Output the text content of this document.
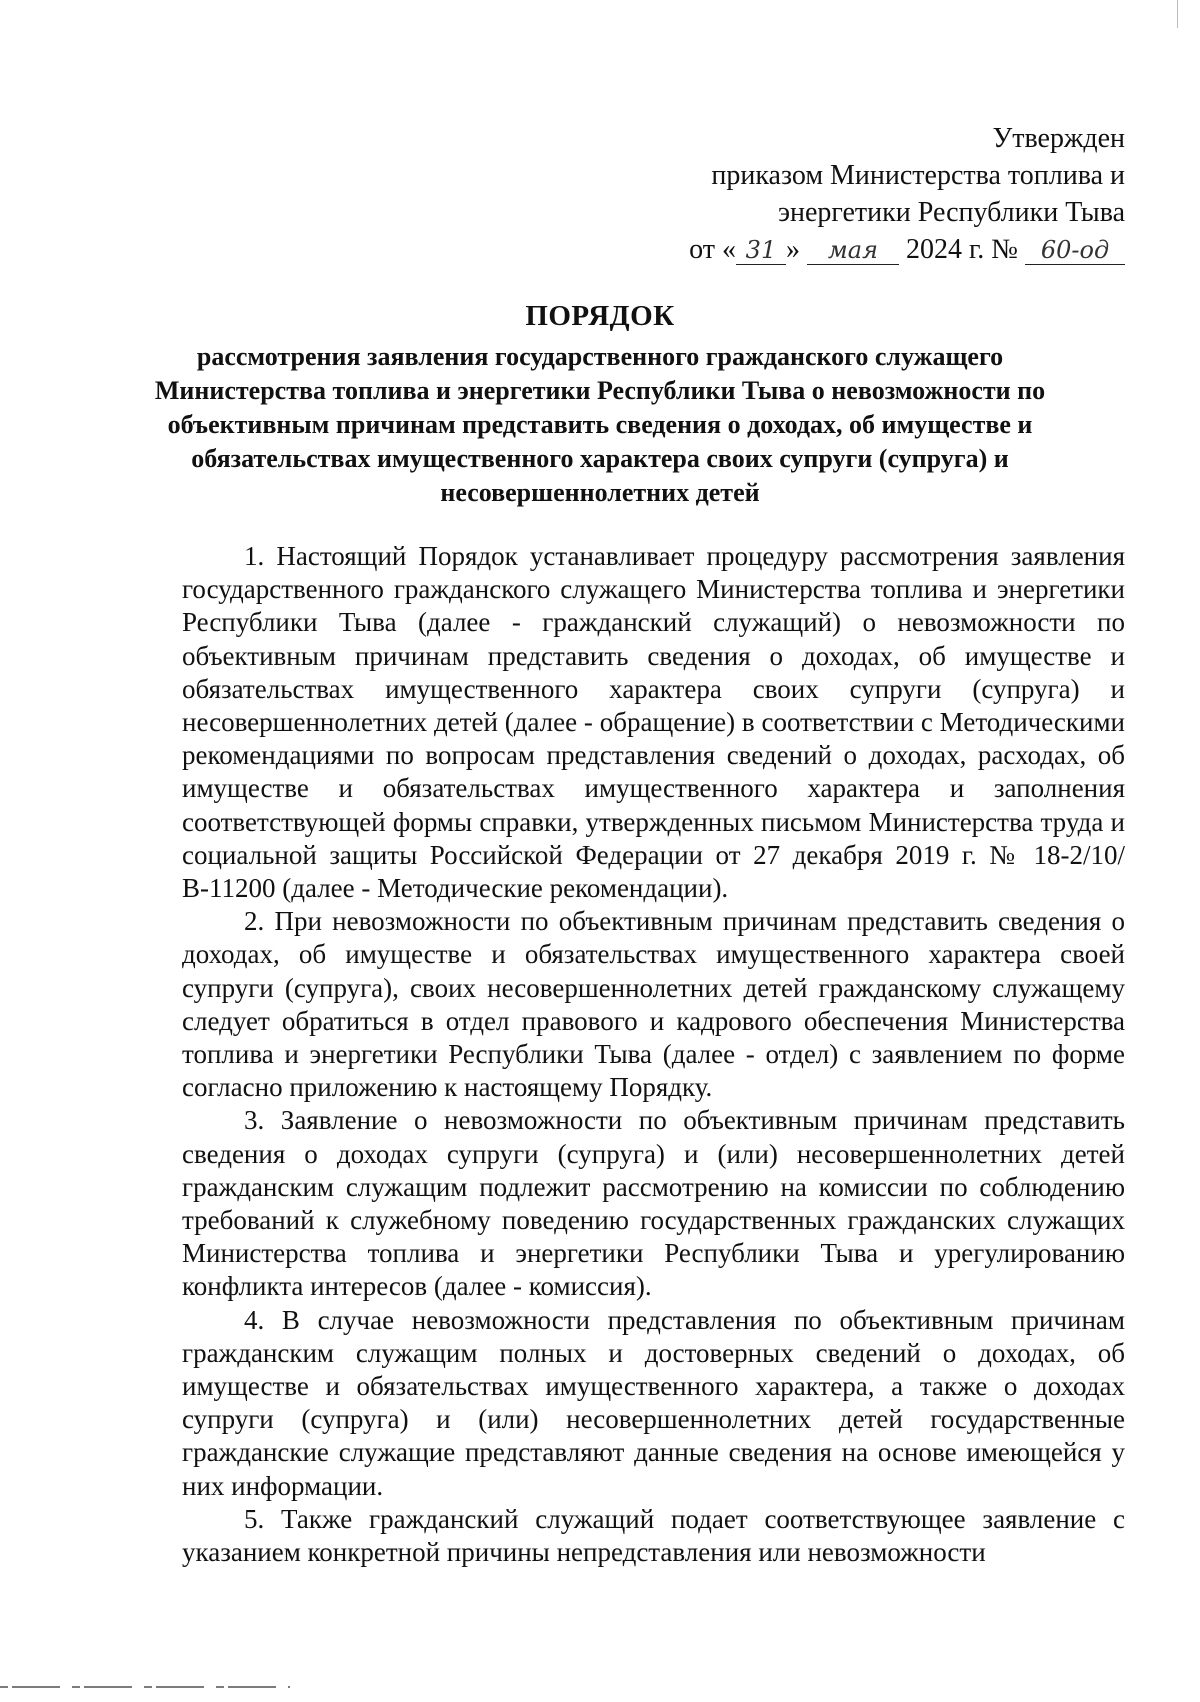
Утвержден
приказом Министерства топлива и
энергетики Республики Тыва
от « 31 » мая 2024 г. № 60-од
ПОРЯДОК
рассмотрения заявления государственного гражданского служащего Министерства топлива и энергетики Республики Тыва о невозможности по объективным причинам представить сведения о доходах, об имуществе и обязательствах имущественного характера своих супруги (супруга) и несовершеннолетних детей

1. Настоящий Порядок устанавливает процедуру рассмотрения заявления государственного гражданского служащего Министерства топлива и энергетики Республики Тыва (далее - гражданский служащий) о невозможности по объективным причинам представить сведения о доходах, об имуществе и обязательствах имущественного характера своих супруги (супруга) и несовершеннолетних детей (далее - обращение) в соответствии с Методическими рекомендациями по вопросам представления сведений о доходах, расходах, об имуществе и обязательствах имущественного характера и заполнения соответствующей формы справки, утвержденных письмом Министерства труда и социальной защиты Российской Федерации от 27 декабря 2019 г. № 18-2/10/В-11200 (далее - Методические рекомендации).

2. При невозможности по объективным причинам представить сведения о доходах, об имуществе и обязательствах имущественного характера своей супруги (супруга), своих несовершеннолетних детей гражданскому служащему следует обратиться в отдел правового и кадрового обеспечения Министерства топлива и энергетики Республики Тыва (далее - отдел) с заявлением по форме согласно приложению к настоящему Порядку.

3. Заявление о невозможности по объективным причинам представить сведения о доходах супруги (супруга) и (или) несовершеннолетних детей гражданским служащим подлежит рассмотрению на комиссии по соблюдению требований к служебному поведению государственных гражданских служащих Министерства топлива и энергетики Республики Тыва и урегулированию конфликта интересов (далее - комиссия).

4. В случае невозможности представления по объективным причинам гражданским служащим полных и достоверных сведений о доходах, об имуществе и обязательствах имущественного характера, а также о доходах супруги (супруга) и (или) несовершеннолетних детей государственные гражданские служащие представляют данные сведения на основе имеющейся у них информации.

5. Также гражданский служащий подает соответствующее заявление с указанием конкретной причины непредставления или невозможности
